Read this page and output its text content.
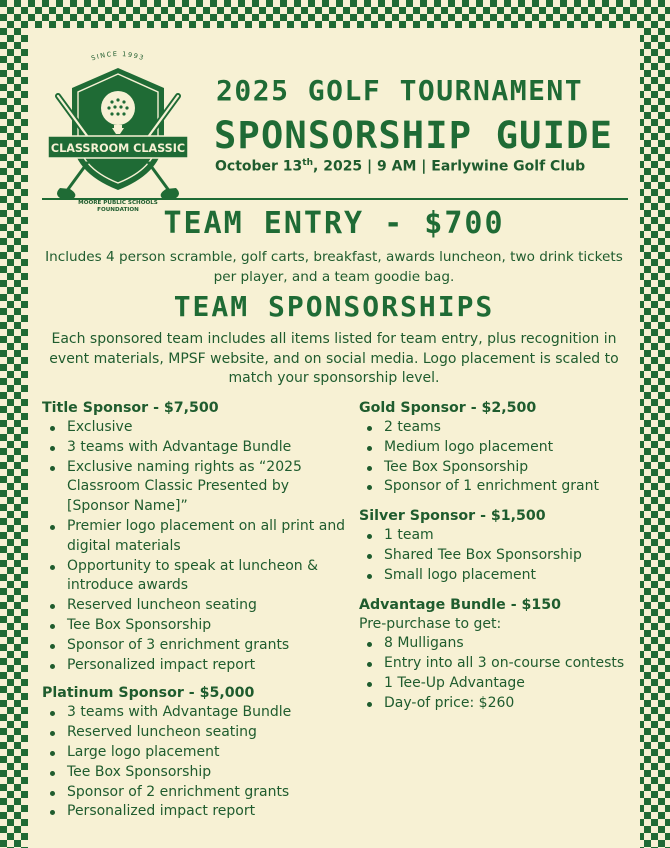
SINCE 1993
CLASSROOM CLASSIC
MOORE PUBLIC SCHOOLS
FOUNDATION
2025 GOLF TOURNAMENT
SPONSORSHIP GUIDE

October 13th, 2025 | 9 AM | Earlywine Golf Club

TEAM ENTRY - $700

Includes 4 person scramble, golf carts, breakfast, awards luncheon, two drink tickets per player, and a team goodie bag.

TEAM SPONSORSHIPS

Each sponsored team includes all items listed for team entry, plus recognition in event materials, MPSF website, and on social media. Logo placement is scaled to match your sponsorship level.

Title Sponsor - $7,500
Exclusive
3 teams with Advantage Bundle
Exclusive naming rights as “2025 Classroom Classic Presented by [Sponsor Name]”
Premier logo placement on all print and digital materials
Opportunity to speak at luncheon & introduce awards
Reserved luncheon seating
Tee Box Sponsorship
Sponsor of 3 enrichment grants
Personalized impact report
Platinum Sponsor - $5,000
3 teams with Advantage Bundle
Reserved luncheon seating
Large logo placement
Tee Box Sponsorship
Sponsor of 2 enrichment grants
Personalized impact report
Gold Sponsor - $2,500
2 teams
Medium logo placement
Tee Box Sponsorship
Sponsor of 1 enrichment grant
Silver Sponsor - $1,500
1 team
Shared Tee Box Sponsorship
Small logo placement
Advantage Bundle - $150

Pre-purchase to get:

8 Mulligans
Entry into all 3 on-course contests
1 Tee-Up Advantage
Day-of price: $260
